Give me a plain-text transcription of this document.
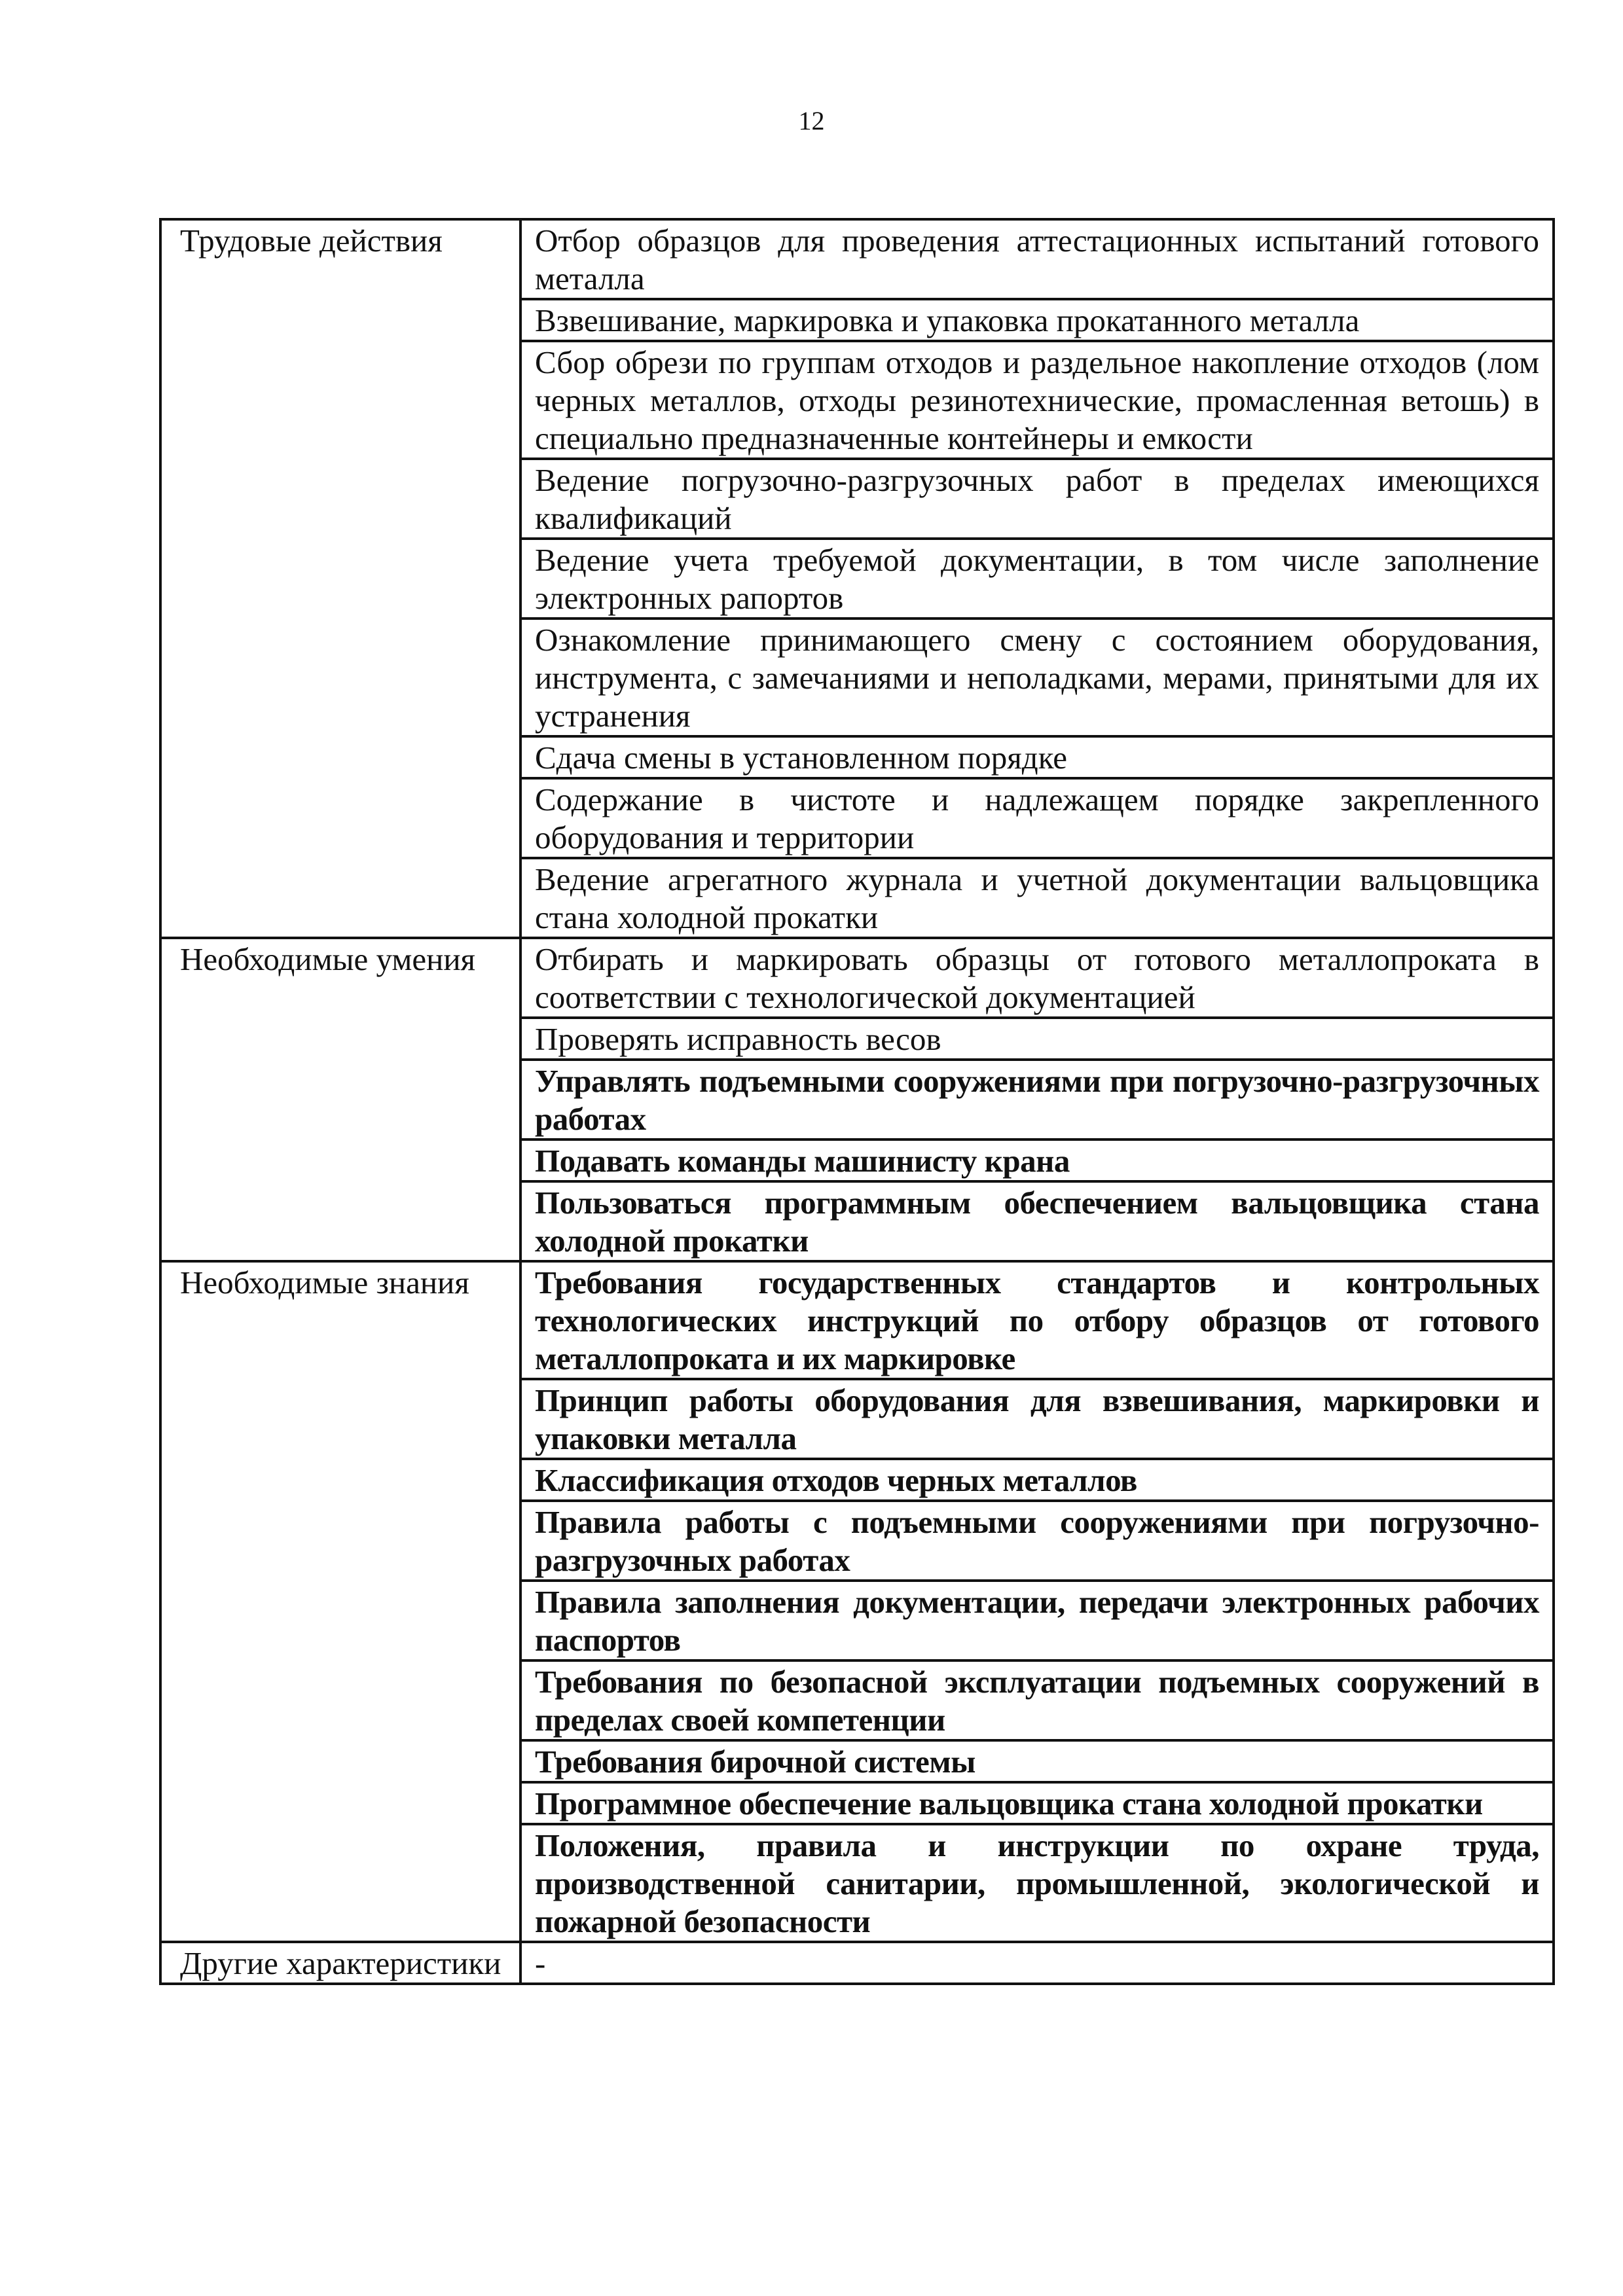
12
Трудовые действия	Отбор образцов для проведения аттестационных испытаний готового металла
	Взвешивание, маркировка и упаковка прокатанного металла
	Сбор обрези по группам отходов и раздельное накопление отходов (лом черных металлов, отходы резинотехнические, промасленная ветошь) в специально предназначенные контейнеры и емкости
	Ведение погрузочно-разгрузочных работ в пределах имеющихся квалификаций
	Ведение учета требуемой документации, в том числе заполнение электронных рапортов
	Ознакомление принимающего смену с состоянием оборудования, инструмента, с замечаниями и неполадками, мерами, принятыми для их устранения
	Сдача смены в установленном порядке
	Содержание в чистоте и надлежащем порядке закрепленного оборудования и территории
	Ведение агрегатного журнала и учетной документации вальцовщика стана холодной прокатки
Необходимые умения	Отбирать и маркировать образцы от готового металлопроката в соответствии с технологической документацией
	Проверять исправность весов
	Управлять подъемными сооружениями при погрузочно-разгрузочных работах
	Подавать команды машинисту крана
	Пользоваться программным обеспечением вальцовщика стана холодной прокатки
Необходимые знания	Требования государственных стандартов и контрольных технологических инструкций по отбору образцов от готового металлопроката и их маркировке
	Принцип работы оборудования для взвешивания, маркировки и упаковки металла
	Классификация отходов черных металлов
	Правила работы с подъемными сооружениями при погрузочно-разгрузочных работах
	Правила заполнения документации, передачи электронных рабочих паспортов
	Требования по безопасной эксплуатации подъемных сооружений в пределах своей компетенции
	Требования бирочной системы
	Программное обеспечение вальцовщика стана холодной прокатки
	Положения, правила и инструкции по охране труда, производственной санитарии, промышленной, экологической и пожарной безопасности
Другие характеристики	-
